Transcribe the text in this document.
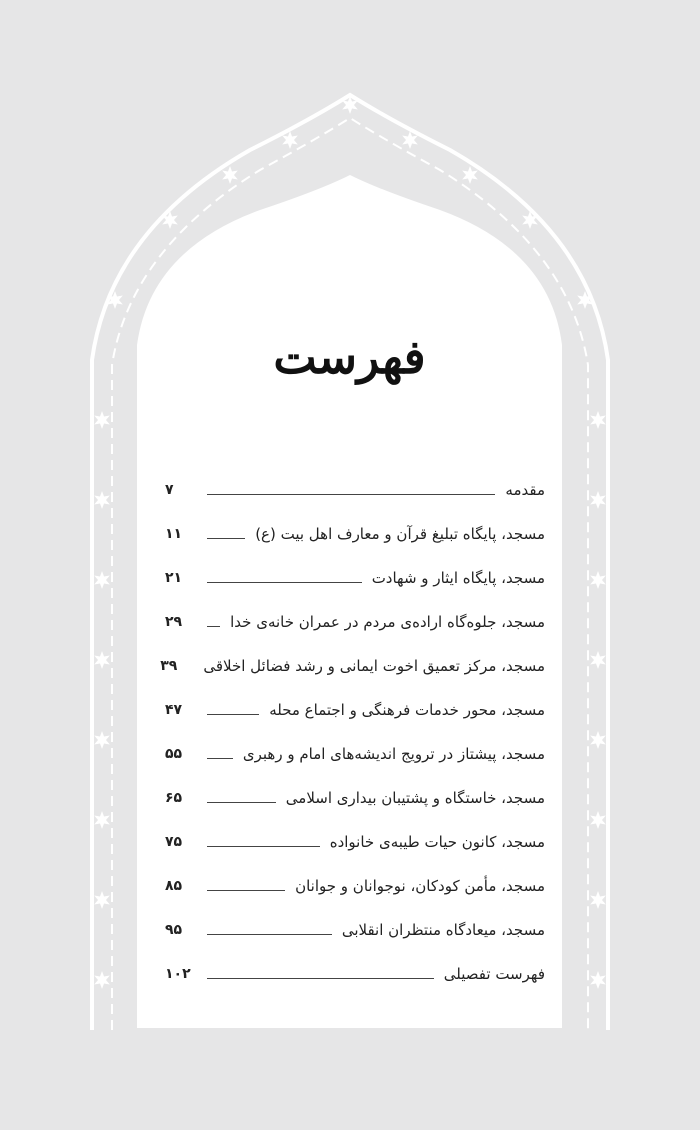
فهرست
مقدمه
۷
مسجد، پایگاه تبلیغ قرآن و معارف اهل بیت (ع)
۱۱
مسجد، پایگاه ایثار و شهادت
۲۱
مسجد، جلوه‌گاه اراده‌ی مردم در عمران خانه‌ی خدا
۲۹
مسجد، مرکز تعمیق اخوت ایمانی و رشد فضائل اخلاقی
۳۹
مسجد، محور خدمات فرهنگی و اجتماع محله
۴۷
مسجد، پیشتاز در ترویج اندیشه‌های امام و رهبری
۵۵
مسجد، خاستگاه و پشتیبان بیداری اسلامی
۶۵
مسجد، کانون حیات طیبه‌ی خانواده
۷۵
مسجد، مأمن کودکان، نوجوانان و جوانان
۸۵
مسجد، میعادگاه منتظران انقلابی
۹۵
فهرست تفصیلی
۱۰۲
